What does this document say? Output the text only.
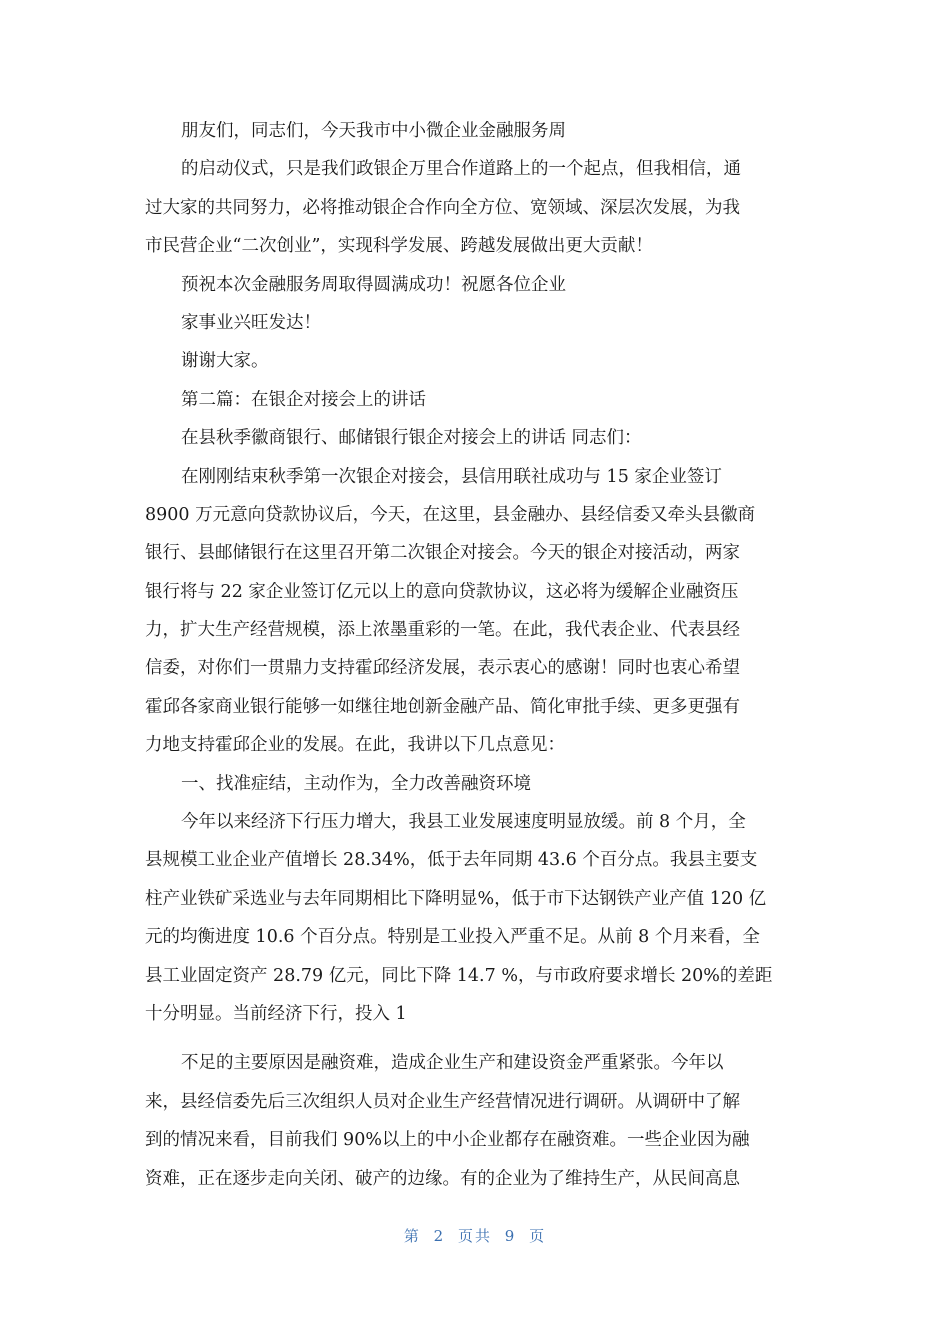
朋友们，同志们，今天我市中小微企业金融服务周
的启动仪式，只是我们政银企万里合作道路上的一个起点，但我相信，通
过大家的共同努力，必将推动银企合作向全方位、宽领域、深层次发展，为我
市民营企业“二次创业”，实现科学发展、跨越发展做出更大贡献！
预祝本次金融服务周取得圆满成功！祝愿各位企业
家事业兴旺发达！
谢谢大家。
第二篇：在银企对接会上的讲话
在县秋季徽商银行、邮储银行银企对接会上的讲话 同志们：
在刚刚结束秋季第一次银企对接会，县信用联社成功与 15 家企业签订
8900 万元意向贷款协议后，今天，在这里，县金融办、县经信委又牵头县徽商
银行、县邮储银行在这里召开第二次银企对接会。今天的银企对接活动，两家
银行将与 22 家企业签订亿元以上的意向贷款协议，这必将为缓解企业融资压
力，扩大生产经营规模，添上浓墨重彩的一笔。在此，我代表企业、代表县经
信委，对你们一贯鼎力支持霍邱经济发展，表示衷心的感谢！同时也衷心希望
霍邱各家商业银行能够一如继往地创新金融产品、简化审批手续、更多更强有
力地支持霍邱企业的发展。在此，我讲以下几点意见：
一、找准症结，主动作为，全力改善融资环境
今年以来经济下行压力增大，我县工业发展速度明显放缓。前 8 个月，全
县规模工业企业产值增长 28.34%，低于去年同期 43.6 个百分点。我县主要支
柱产业铁矿采选业与去年同期相比下降明显%，低于市下达钢铁产业产值 120 亿
元的均衡进度 10.6 个百分点。特别是工业投入严重不足。从前 8 个月来看，全
县工业固定资产 28.79 亿元，同比下降 14.7 %，与市政府要求增长 20%的差距
十分明显。当前经济下行，投入 1
不足的主要原因是融资难，造成企业生产和建设资金严重紧张。今年以
来，县经信委先后三次组织人员对企业生产经营情况进行调研。从调研中了解
到的情况来看，目前我们 90%以上的中小企业都存在融资难。一些企业因为融
资难，正在逐步走向关闭、破产的边缘。有的企业为了维持生产，从民间高息
第 2 页共 9 页
